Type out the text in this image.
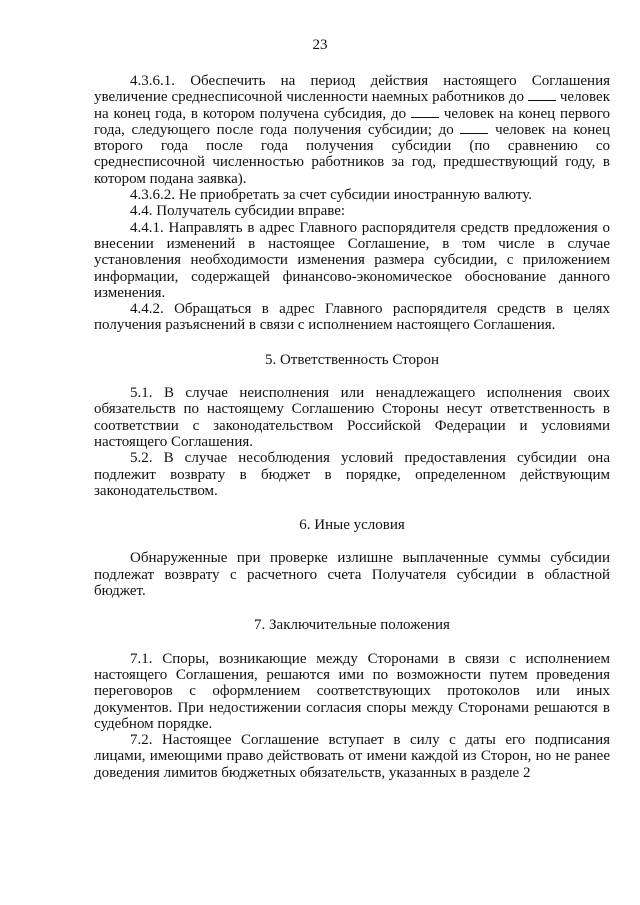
23

4.3.6.1. Обеспечить на период действия настоящего Соглашения увеличение среднесписочной численности наемных работников до  человек на конец года, в котором получена субсидия, до  человек на конец первого года, следующего после года получения субсидии; до  человек на конец второго года после года получения субсидии (по сравнению со среднесписочной численностью работников за год, предшествующий году, в котором подана заявка).

4.3.6.2. Не приобретать за счет субсидии иностранную валюту.

4.4. Получатель субсидии вправе:

4.4.1. Направлять в адрес Главного распорядителя средств предложения о внесении изменений в настоящее Соглашение, в том числе в случае установления необходимости изменения размера субсидии, с приложением информации, содержащей финансово-экономическое обоснование данного изменения.

4.4.2. Обращаться в адрес Главного распорядителя средств в целях получения разъяснений в связи с исполнением настоящего Соглашения.

5. Ответственность Сторон

5.1. В случае неисполнения или ненадлежащего исполнения своих обязательств по настоящему Соглашению Стороны несут ответственность в соответствии с законодательством Российской Федерации и условиями настоящего Соглашения.

5.2. В случае несоблюдения условий предоставления субсидии она подлежит возврату в бюджет в порядке, определенном действующим законодательством.

6. Иные условия

Обнаруженные при проверке излишне выплаченные суммы субсидии подлежат возврату с расчетного счета Получателя субсидии в областной бюджет.

7. Заключительные положения

7.1. Споры, возникающие между Сторонами в связи с исполнением настоящего Соглашения, решаются ими по возможности путем проведения переговоров с оформлением соответствующих протоколов или иных документов. При недостижении согласия споры между Сторонами решаются в судебном порядке.

7.2. Настоящее Соглашение вступает в силу с даты его подписания лицами, имеющими право действовать от имени каждой из Сторон, но не ранее доведения лимитов бюджетных обязательств, указанных в разделе 2
